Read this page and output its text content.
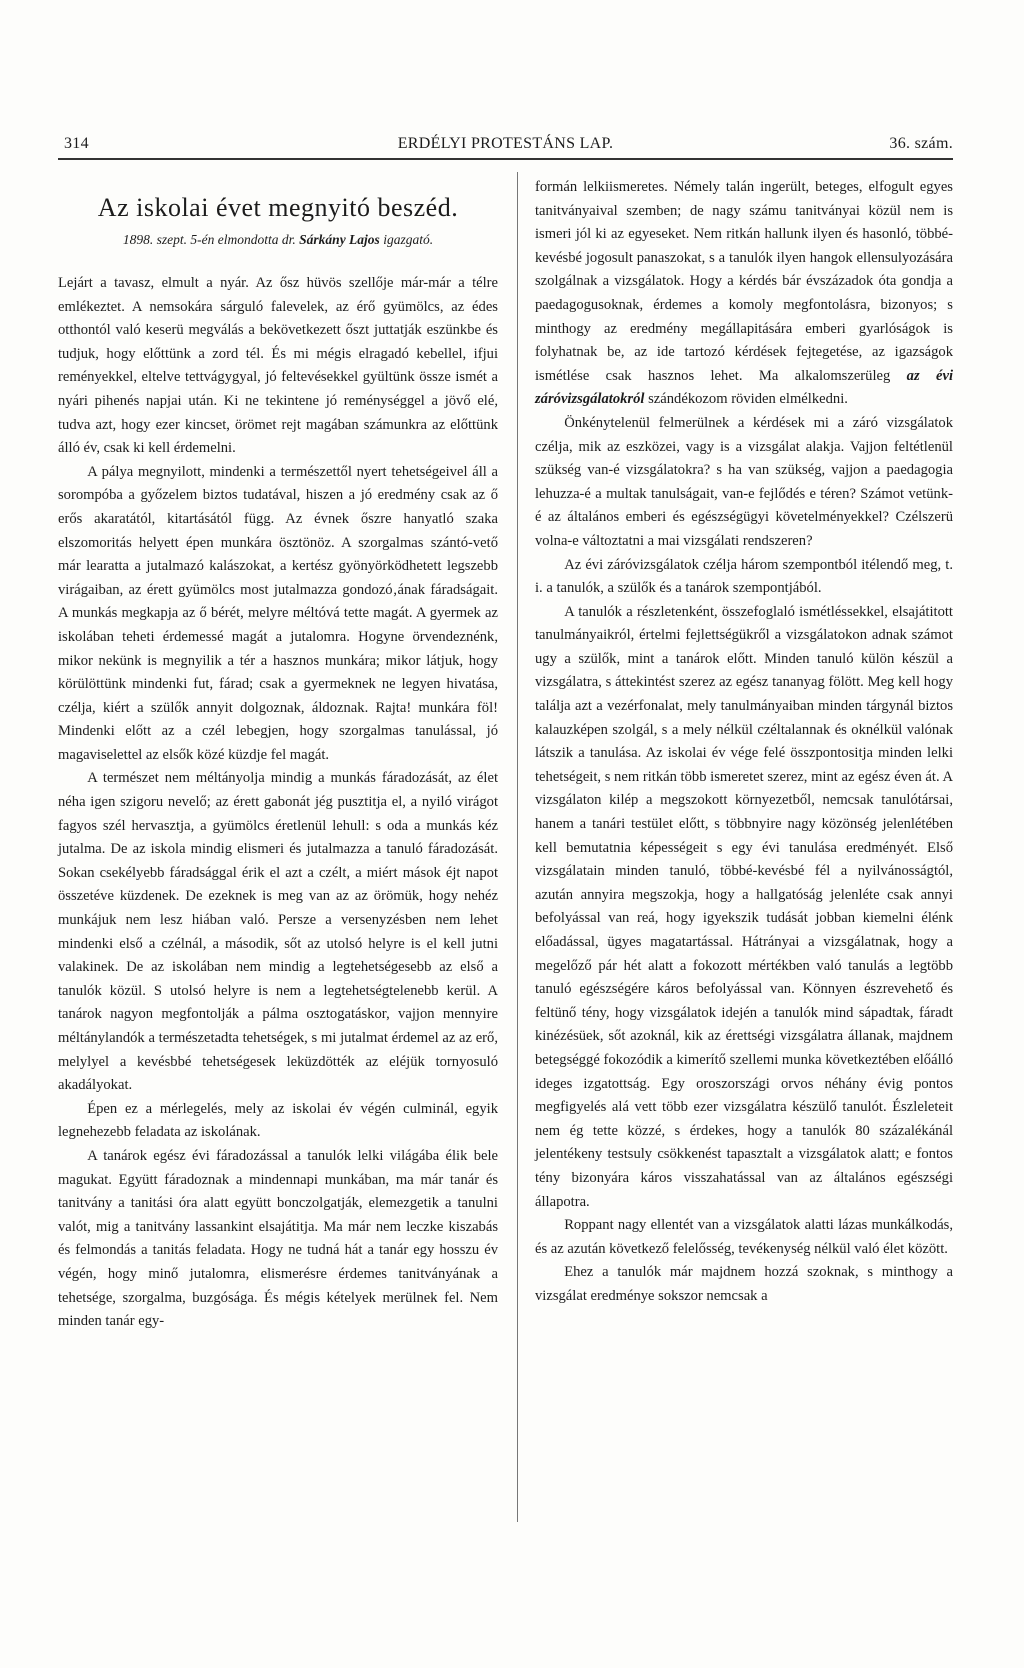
314	ERDÉLYI PROTESTÁNS LAP.	36. szám.
Az iskolai évet megnyitó beszéd.
1898. szept. 5-én elmondotta dr. Sárkány Lajos igazgató.

Lejárt a tavasz, elmult a nyár. Az ősz hüvös szellője már-már a télre emlékeztet. A nemsokára sárguló falevelek, az érő gyümölcs, az édes otthontól való keserü megválás a bekövetkezett őszt juttatják eszünkbe és tudjuk, hogy előttünk a zord tél. És mi mégis elragadó kebellel, ifjui reményekkel, eltelve tettvágygyal, jó feltevésekkel gyültünk össze ismét a nyári pihenés napjai után. Ki ne tekintene jó reménységgel a jövő elé, tudva azt, hogy ezer kincset, örömet rejt magában számunkra az előttünk álló év, csak ki kell érdemelni.

A pálya megnyilott, mindenki a természettől nyert tehetségeivel áll a sorompóba a győzelem biztos tudatával, hiszen a jó eredmény csak az ő erős akaratától, kitartásától függ. Az évnek őszre hanyatló szaka elszomoritás helyett épen munkára ösztönöz. A szorgalmas szántó-vető már learatta a jutalmazó kalászokat, a kertész gyönyörködhetett legszebb virágaiban, az érett gyümölcs most jutalmazza gondozó‚ának fáradságait. A munkás megkapja az ő bérét, melyre méltóvá tette magát. A gyermek az iskolában teheti érdemessé magát a jutalomra. Hogyne örvendeznénk, mikor nekünk is megnyilik a tér a hasznos munkára; mikor látjuk, hogy körülöttünk mindenki fut, fárad; csak a gyermeknek ne legyen hivatása, czélja, kiért a szülők annyit dolgoznak, áldoznak. Rajta! munkára föl! Mindenki előtt az a czél lebegjen, hogy szorgalmas tanulással, jó magaviselettel az elsők közé küzdje fel magát.

A természet nem méltányolja mindig a munkás fáradozását, az élet néha igen szigoru nevelő; az érett gabonát jég pusztitja el, a nyiló virágot fagyos szél hervasztja, a gyümölcs éretlenül lehull: s oda a munkás kéz jutalma. De az iskola mindig elismeri és jutalmazza a tanuló fáradozását. Sokan csekélyebb fáradsággal érik el azt a czélt, a miért mások éjt napot összetéve küzdenek. De ezeknek is meg van az az örömük, hogy nehéz munkájuk nem lesz hiában való. Persze a versenyzésben nem lehet mindenki első a czélnál, a második, sőt az utolsó helyre is el kell jutni valakinek. De az iskolában nem mindig a legtehetségesebb az első a tanulók közül. S utolsó helyre is nem a legtehetségtelenebb kerül. A tanárok nagyon megfontolják a pálma osztogatáskor, vajjon mennyire méltánylandók a természetadta tehetségek, s mi jutalmat érdemel az az erő, melylyel a kevésbbé tehetségesek leküzdötték az eléjük tornyosuló akadályokat.

Épen ez a mérlegelés, mely az iskolai év végén culminál, egyik legnehezebb feladata az iskolának.

A tanárok egész évi fáradozással a tanulók lelki világába élik bele magukat. Együtt fáradoznak a mindennapi munkában, ma már tanár és tanitvány a tanitási óra alatt együtt bonczolgatják, elemezgetik a tanulni valót, mig a tanitvány lassankint elsajátitja. Ma már nem leczke kiszabás és felmondás a tanitás feladata. Hogy ne tudná hát a tanár egy hosszu év végén, hogy minő jutalomra, elismerésre érdemes tanitványának a tehetsége, szorgalma, buzgósága. És mégis kételyek merülnek fel. Nem minden tanár egy-

formán lelkiismeretes. Némely talán ingerült, beteges, elfogult egyes tanitványaival szemben; de nagy számu tanitványai közül nem is ismeri jól ki az egyeseket. Nem ritkán hallunk ilyen és hasonló, többé-kevésbé jogosult panaszokat, s a tanulók ilyen hangok ellensulyozására szolgálnak a vizsgálatok. Hogy a kérdés bár évszázadok óta gondja a paedagogusoknak, érdemes a komoly megfontolásra, bizonyos; s minthogy az eredmény megállapitására emberi gyarlóságok is folyhatnak be, az ide tartozó kérdések fejtegetése, az igazságok ismétlése csak hasznos lehet. Ma alkalomszerüleg az évi záróvizsgálatokról szándékozom röviden elmélkedni.

Önkénytelenül felmerülnek a kérdések mi a záró vizsgálatok czélja, mik az eszközei, vagy is a vizsgálat alakja. Vajjon feltétlenül szükség van-é vizsgálatokra? s ha van szükség, vajjon a paedagogia lehuzza-é a multak tanulságait, van-e fejlődés e téren? Számot vetünk-é az általános emberi és egészségügyi követelményekkel? Czélszerü volna-e változtatni a mai vizsgálati rendszeren?

Az évi záróvizsgálatok czélja három szempontból itélendő meg, t. i. a tanulók, a szülők és a tanárok szempontjából.

A tanulók a részletenként, összefoglaló ismétléssekkel, elsajátitott tanulmányaikról, értelmi fejlettségükről a vizsgálatokon adnak számot ugy a szülők, mint a tanárok előtt. Minden tanuló külön készül a vizsgálatra, s áttekintést szerez az egész tananyag fölött. Meg kell hogy találja azt a vezérfonalat, mely tanulmányaiban minden tárgynál biztos kalauzképen szolgál, s a mely nélkül czéltalannak és oknélkül valónak látszik a tanulása. Az iskolai év vége felé összpontositja minden lelki tehetségeit, s nem ritkán több ismeretet szerez, mint az egész éven át. A vizsgálaton kilép a megszokott környezetből, nemcsak tanulótársai, hanem a tanári testület előtt, s többnyire nagy közönség jelenlétében kell bemutatnia képességeit s egy évi tanulása eredményét. Első vizsgálatain minden tanuló, többé-kevésbé fél a nyilvánosságtól, azután annyira megszokja, hogy a hallgatóság jelenléte csak annyi befolyással van reá, hogy igyekszik tudását jobban kiemelni élénk előadással, ügyes magatartással. Hátrányai a vizsgálatnak, hogy a megelőző pár hét alatt a fokozott mértékben való tanulás a legtöbb tanuló egészségére káros befolyással van. Könnyen észrevehető és feltünő tény, hogy vizsgálatok idején a tanulók mind sápadtak, fáradt kinézésüek, sőt azoknál, kik az érettségi vizsgálatra állanak, majdnem betegséggé fokozódik a kimerítő szellemi munka következtében előálló ideges izgatottság. Egy oroszországi orvos néhány évig pontos megfigyelés alá vett több ezer vizsgálatra készülő tanulót. Észleleteit nem ég tette közzé, s érdekes, hogy a tanulók 80 százalékánál jelentékeny testsuly csökkenést tapasztalt a vizsgálatok alatt; e fontos tény bizonyára káros visszahatással van az általános egészségi állapotra.

Roppant nagy ellentét van a vizsgálatok alatti lázas munkálkodás, és az azután következő felelősség, tevékenység nélkül való élet között.

Ehez a tanulók már majdnem hozzá szoknak, s minthogy a vizsgálat eredménye sokszor nemcsak a
